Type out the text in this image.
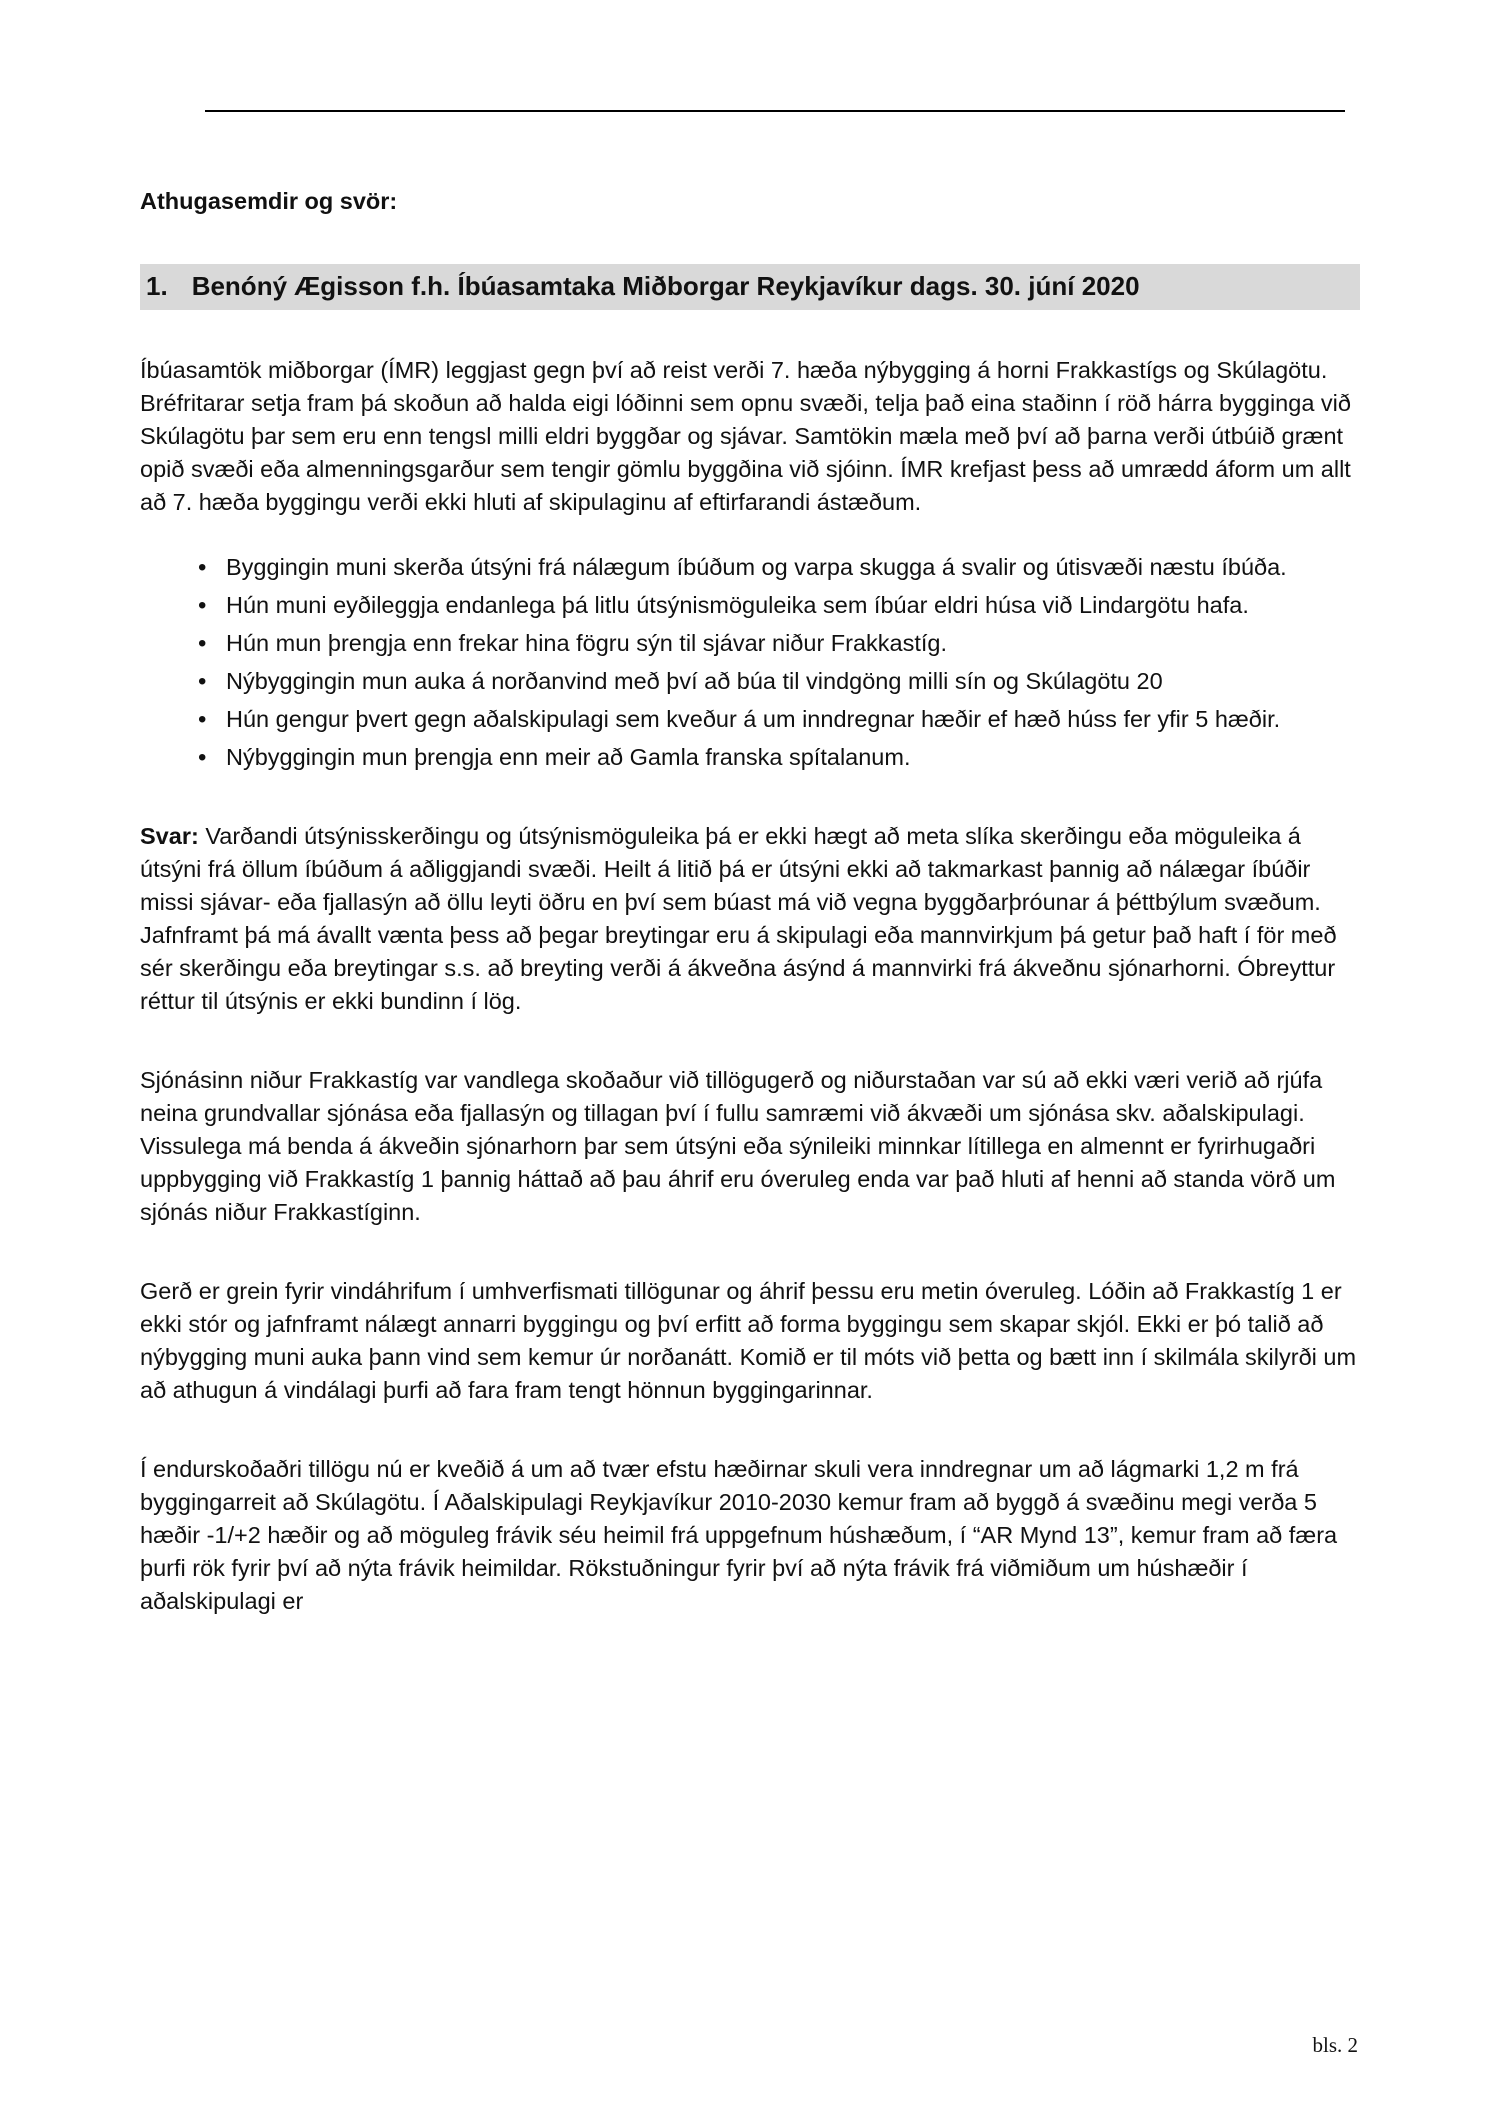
Athugasemdir og svör:

1. Benóný Ægisson f.h. Íbúasamtaka Miðborgar Reykjavíkur dags. 30. júní 2020

Íbúasamtök miðborgar (ÍMR) leggjast gegn því að reist verði 7. hæða nýbygging á horni Frakkastígs og Skúlagötu. Bréfritarar setja fram þá skoðun að halda eigi lóðinni sem opnu svæði, telja það eina staðinn í röð hárra bygginga við Skúlagötu þar sem eru enn tengsl milli eldri byggðar og sjávar. Samtökin mæla með því að þarna verði útbúið grænt opið svæði eða almenningsgarður sem tengir gömlu byggðina við sjóinn. ÍMR krefjast þess að umrædd áform um allt að 7. hæða byggingu verði ekki hluti af skipulaginu af eftirfarandi ástæðum.

• Byggingin muni skerða útsýni frá nálægum íbúðum og varpa skugga á svalir og útisvæði næstu íbúða.
• Hún muni eyðileggja endanlega þá litlu útsýnismöguleika sem íbúar eldri húsa við Lindargötu hafa.
• Hún mun þrengja enn frekar hina fögru sýn til sjávar niður Frakkastíg.
• Nýbyggingin mun auka á norðanvind með því að búa til vindgöng milli sín og Skúlagötu 20
• Hún gengur þvert gegn aðalskipulagi sem kveður á um inndregnar hæðir ef hæð húss fer yfir 5 hæðir.
• Nýbyggingin mun þrengja enn meir að Gamla franska spítalanum.

Svar: Varðandi útsýnisskerðingu og útsýnismöguleika þá er ekki hægt að meta slíka skerðingu eða möguleika á útsýni frá öllum íbúðum á aðliggjandi svæði. Heilt á litið þá er útsýni ekki að takmarkast þannig að nálægar íbúðir missi sjávar- eða fjallasýn að öllu leyti öðru en því sem búast má við vegna byggðarþróunar á þéttbýlum svæðum. Jafnframt þá má ávallt vænta þess að þegar breytingar eru á skipulagi eða mannvirkjum þá getur það haft í för með sér skerðingu eða breytingar s.s. að breyting verði á ákveðna ásýnd á mannvirki frá ákveðnu sjónarhorni. Óbreyttur réttur til útsýnis er ekki bundinn í lög.

Sjónásinn niður Frakkastíg var vandlega skoðaður við tillögugerð og niðurstaðan var sú að ekki væri verið að rjúfa neina grundvallar sjónása eða fjallasýn og tillagan því í fullu samræmi við ákvæði um sjónása skv. aðalskipulagi. Vissulega má benda á ákveðin sjónarhorn þar sem útsýni eða sýnileiki minnkar lítillega en almennt er fyrirhugaðri uppbygging við Frakkastíg 1 þannig háttað að þau áhrif eru óveruleg enda var það hluti af henni að standa vörð um sjónás niður Frakkastíginn.

Gerð er grein fyrir vindáhrifum í umhverfismati tillögunar og áhrif þessu eru metin óveruleg. Lóðin að Frakkastíg 1 er ekki stór og jafnframt nálægt annarri byggingu og því erfitt að forma byggingu sem skapar skjól. Ekki er þó talið að nýbygging muni auka þann vind sem kemur úr norðanátt. Komið er til móts við þetta og bætt inn í skilmála skilyrði um að athugun á vindálagi þurfi að fara fram tengt hönnun byggingarinnar.

Í endurskoðaðri tillögu nú er kveðið á um að tvær efstu hæðirnar skuli vera inndregnar um að lágmarki 1,2 m frá byggingarreit að Skúlagötu. Í Aðalskipulagi Reykjavíkur 2010-2030 kemur fram að byggð á svæðinu megi verða 5 hæðir -1/+2 hæðir og að möguleg frávik séu heimil frá uppgefnum húshæðum, í “AR Mynd 13”, kemur fram að færa þurfi rök fyrir því að nýta frávik heimildar. Rökstuðningur fyrir því að nýta frávik frá viðmiðum um húshæðir í aðalskipulagi er

bls. 2
